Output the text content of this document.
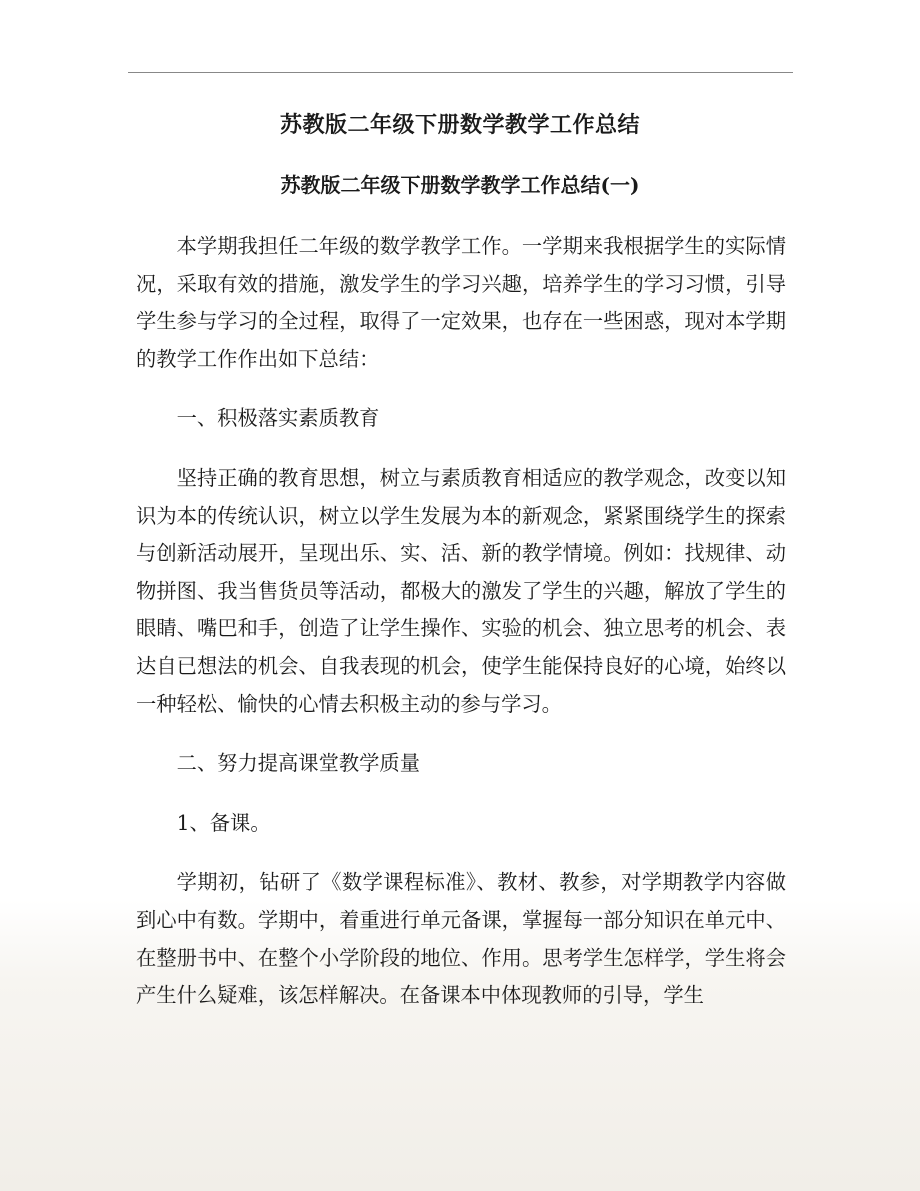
苏教版二年级下册数学教学工作总结
苏教版二年级下册数学教学工作总结(一)

本学期我担任二年级的数学教学工作。一学期来我根据学生的实际情况，采取有效的措施，激发学生的学习兴趣，培养学生的学习习惯，引导学生参与学习的全过程，取得了一定效果，也存在一些困惑，现对本学期的教学工作作出如下总结：

一、积极落实素质教育

坚持正确的教育思想，树立与素质教育相适应的教学观念，改变以知识为本的传统认识，树立以学生发展为本的新观念，紧紧围绕学生的探索与创新活动展开，呈现出乐、实、活、新的教学情境。例如：找规律、动物拼图、我当售货员等活动，都极大的激发了学生的兴趣，解放了学生的眼睛、嘴巴和手，创造了让学生操作、实验的机会、独立思考的机会、表达自已想法的机会、自我表现的机会，使学生能保持良好的心境，始终以一种轻松、愉快的心情去积极主动的参与学习。

二、努力提高课堂教学质量

1、备课。

学期初，钻研了《数学课程标准》、教材、教参，对学期教学内容做到心中有数。学期中，着重进行单元备课，掌握每一部分知识在单元中、在整册书中、在整个小学阶段的地位、作用。思考学生怎样学，学生将会产生什么疑难，该怎样解决。在备课本中体现教师的引导，学生
